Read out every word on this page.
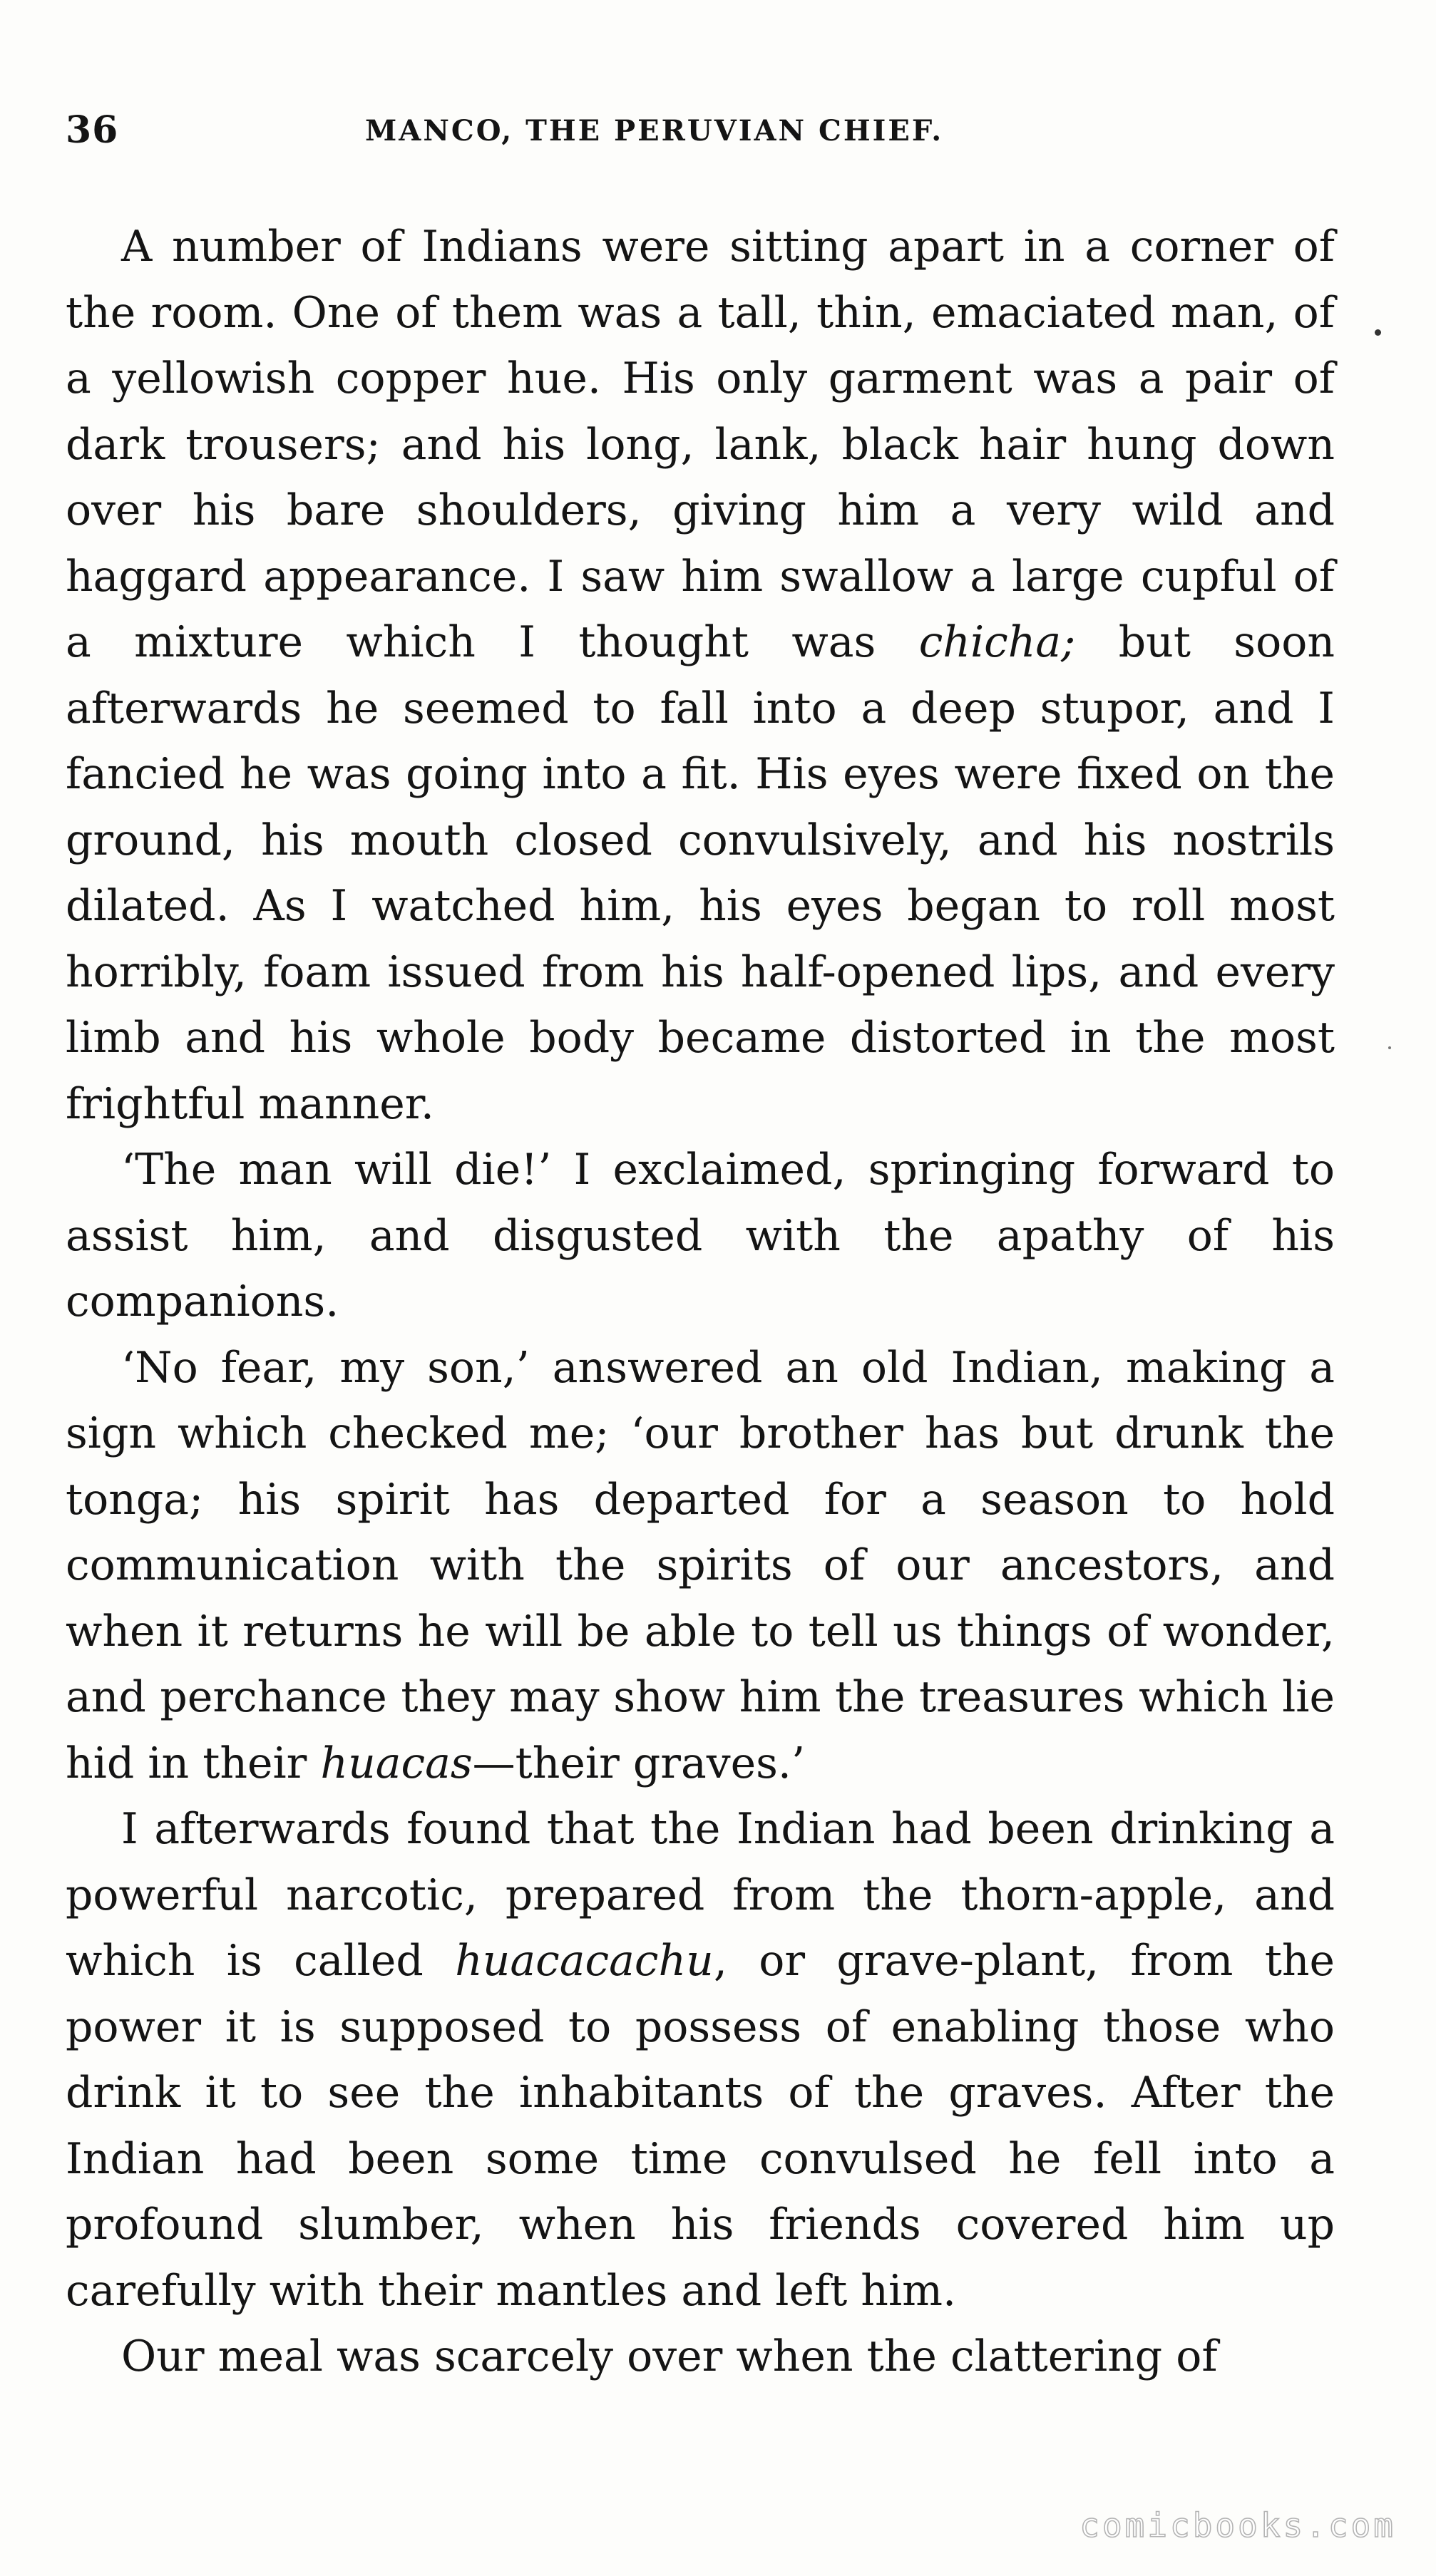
36	MANCO, THE PERUVIAN CHIEF.

A number of Indians were sitting apart in a corner of the room. One of them was a tall, thin, emaciated man, of a yellowish copper hue. His only garment was a pair of dark trousers; and his long, lank, black hair hung down over his bare shoulders, giving him a very wild and haggard appearance. I saw him swallow a large cupful of a mixture which I thought was chicha; but soon afterwards he seemed to fall into a deep stupor, and I fancied he was going into a fit. His eyes were fixed on the ground, his mouth closed convulsively, and his nostrils dilated. As I watched him, his eyes began to roll most horribly, foam issued from his half-opened lips, and every limb and his whole body became distorted in the most frightful manner.

‘The man will die!’ I exclaimed, springing forward to assist him, and disgusted with the apathy of his companions.

‘No fear, my son,’ answered an old Indian, making a sign which checked me; ‘our brother has but drunk the tonga; his spirit has departed for a season to hold communication with the spirits of our ancestors, and when it returns he will be able to tell us things of wonder, and perchance they may show him the treasures which lie hid in their huacas—their graves.’

I afterwards found that the Indian had been drinking a powerful narcotic, prepared from the thorn-apple, and which is called huacacachu, or grave-plant, from the power it is supposed to possess of enabling those who drink it to see the inhabitants of the graves. After the Indian had been some time convulsed he fell into a profound slumber, when his friends covered him up carefully with their mantles and left him.

Our meal was scarcely over when the clattering of

comicbooks.com
